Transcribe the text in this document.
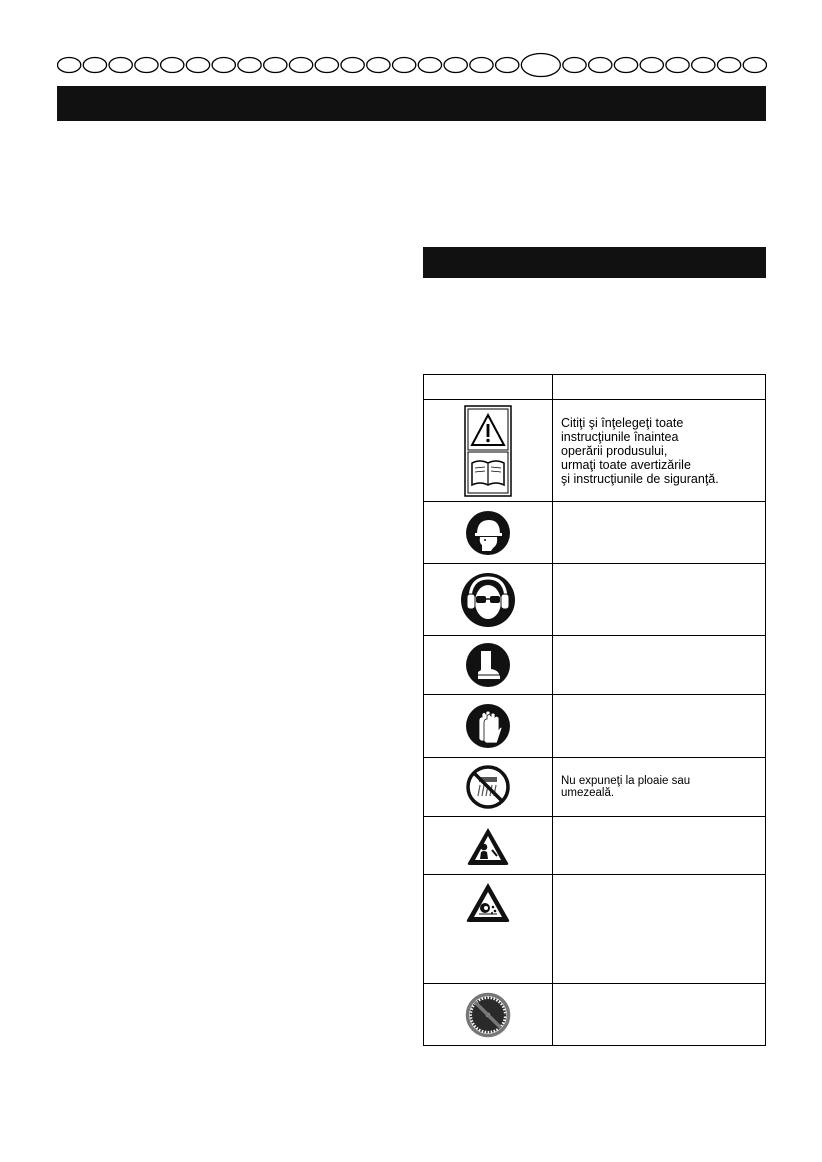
Citiţi şi înţelegeţi toate
instrucţiunile înaintea
operării produsului,
urmaţi toate avertizările
şi instrucţiunile de siguranţă.

Nu expuneţi la ploaie sau
umezeală.
